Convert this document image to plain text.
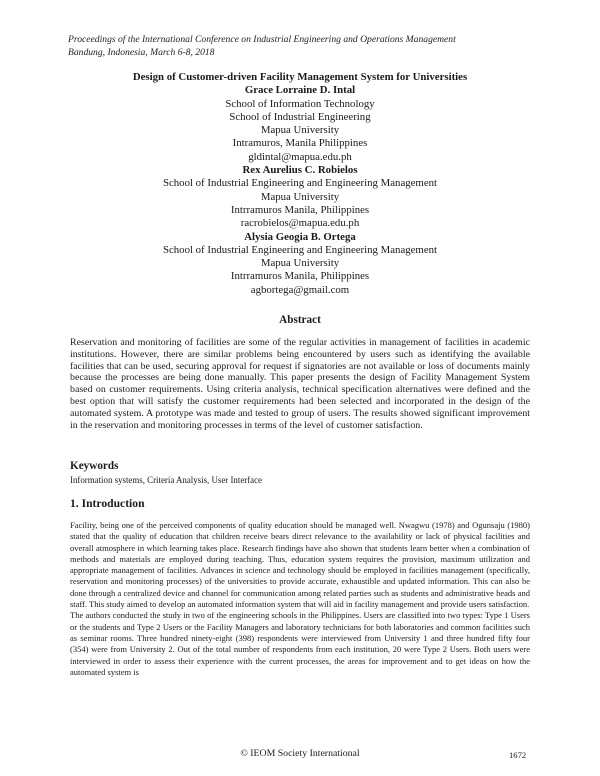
Proceedings of the International Conference on Industrial Engineering and Operations Management
Bandung, Indonesia, March 6-8, 2018
Design of Customer-driven Facility Management System for Universities
Grace Lorraine D. Intal
School of Information Technology
School of Industrial Engineering
Mapua University
Intramuros, Manila Philippines
gldintal@mapua.edu.ph
Rex Aurelius C. Robielos
School of Industrial Engineering and Engineering Management
Mapua University
Intrramuros Manila, Philippines
racrobielos@mapua.edu.ph
Alysia Geogia B. Ortega
School of Industrial Engineering and Engineering Management
Mapua University
Intrramuros Manila, Philippines
agbortega@gmail.com
Abstract

Reservation and monitoring of facilities are some of the regular activities in management of facilities in academic institutions. However, there are similar problems being encountered by users such as identifying the available facilities that can be used, securing approval for request if signatories are not available or loss of documents mainly because the processes are being done manually. This paper presents the design of Facility Management System based on customer requirements. Using criteria analysis, technical specification alternatives were defined and the best option that will satisfy the customer requirements had been selected and incorporated in the design of the automated system. A prototype was made and tested to group of users. The results showed significant improvement in the reservation and monitoring processes in terms of the level of customer satisfaction.

Keywords
Information systems, Criteria Analysis, User Interface
1. Introduction

Facility, being one of the perceived components of quality education should be managed well. Nwagwu (1978) and Ogunsaju (1980) stated that the quality of education that children receive bears direct relevance to the availability or lack of physical facilities and overall atmosphere in which learning takes place. Research findings have also shown that students learn better when a combination of methods and materials are employed during teaching. Thus, education system requires the provision, maximum utilization and appropriate management of facilities. Advances in science and technology should be employed in facilities management (specifically, reservation and monitoring processes) of the universities to provide accurate, exhaustible and updated information. This can also be done through a centralized device and channel for communication among related parties such as students and administrative heads and staff. This study aimed to develop an automated information system that will aid in facility management and provide users satisfaction.

The authors conducted the study in two of the engineering schools in the Philippines. Users are classified into two types: Type 1 Users or the students and Type 2 Users or the Facility Managers and laboratory technicians for both laboratories and common facilities such as seminar rooms. Three hundred ninety-eight (398) respondents were interviewed from University 1 and three hundred fifty four (354) were from University 2. Out of the total number of respondents from each institution, 20 were Type 2 Users. Both users were interviewed in order to assess their experience with the current processes, the areas for improvement and to get ideas on how the automated system is

© IEOM Society International	1672
